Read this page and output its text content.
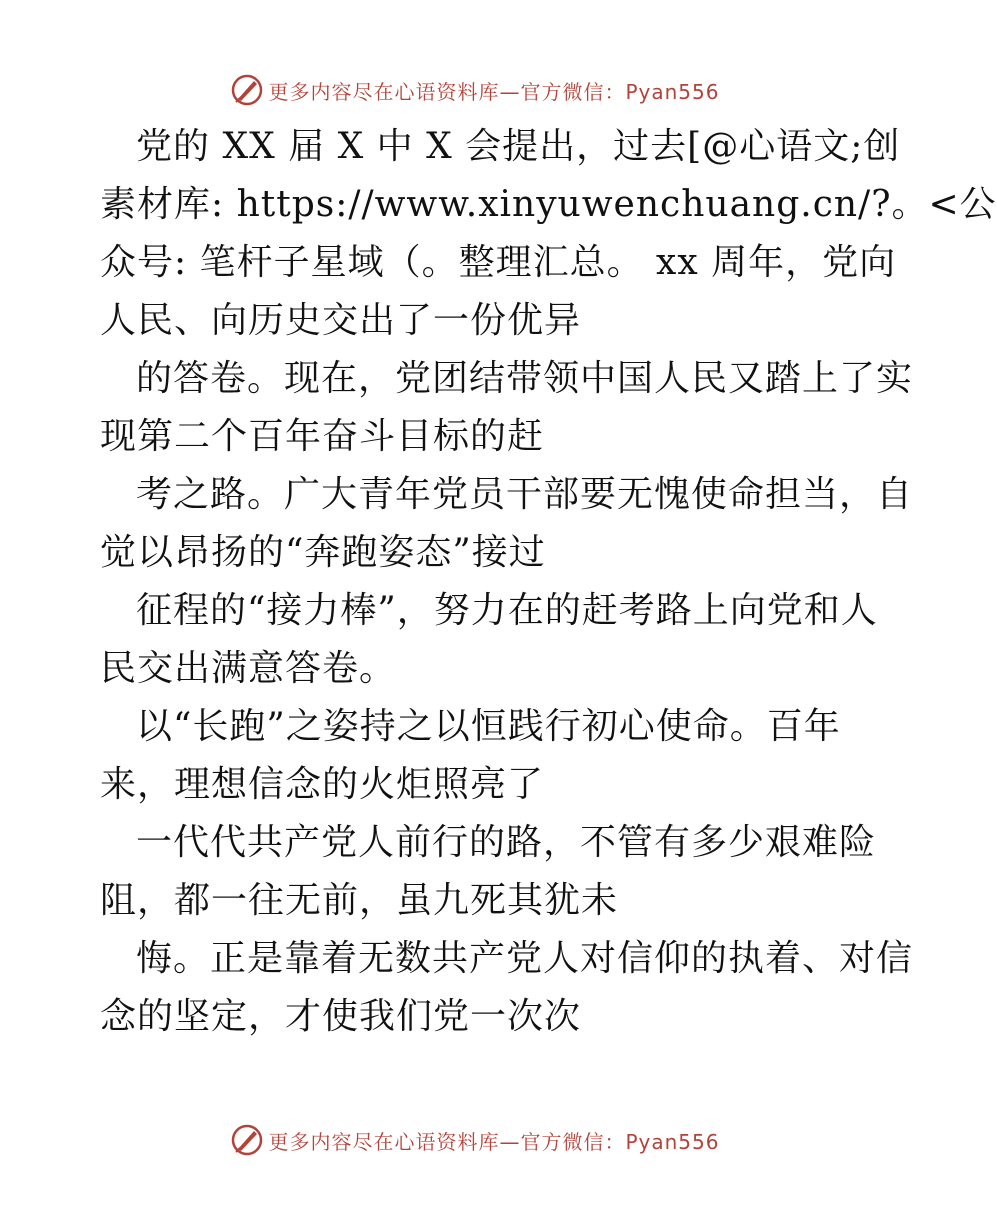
更多内容尽在心语资料库—官方微信：Pyan556
党的 XX 届 X 中 X 会提出，过去[@心语文;创
素材库: https://www.xinyuwenchuang.cn/?。<公
众号: 笔杆子星域（。整理汇总。 xx 周年，党向
人民、向历史交出了一份优异
的答卷。现在，党团结带领中国人民又踏上了实
现第二个百年奋斗目标的赶
考之路。广大青年党员干部要无愧使命担当，自
觉以昂扬的“奔跑姿态”接过
征程的“接力棒”，努力在的赶考路上向党和人
民交出满意答卷。
以“长跑”之姿持之以恒践行初心使命。百年
来，理想信念的火炬照亮了
一代代共产党人前行的路，不管有多少艰难险
阻，都一往无前，虽九死其犹未
悔。正是靠着无数共产党人对信仰的执着、对信
念的坚定，才使我们党一次次
更多内容尽在心语资料库—官方微信：Pyan556
